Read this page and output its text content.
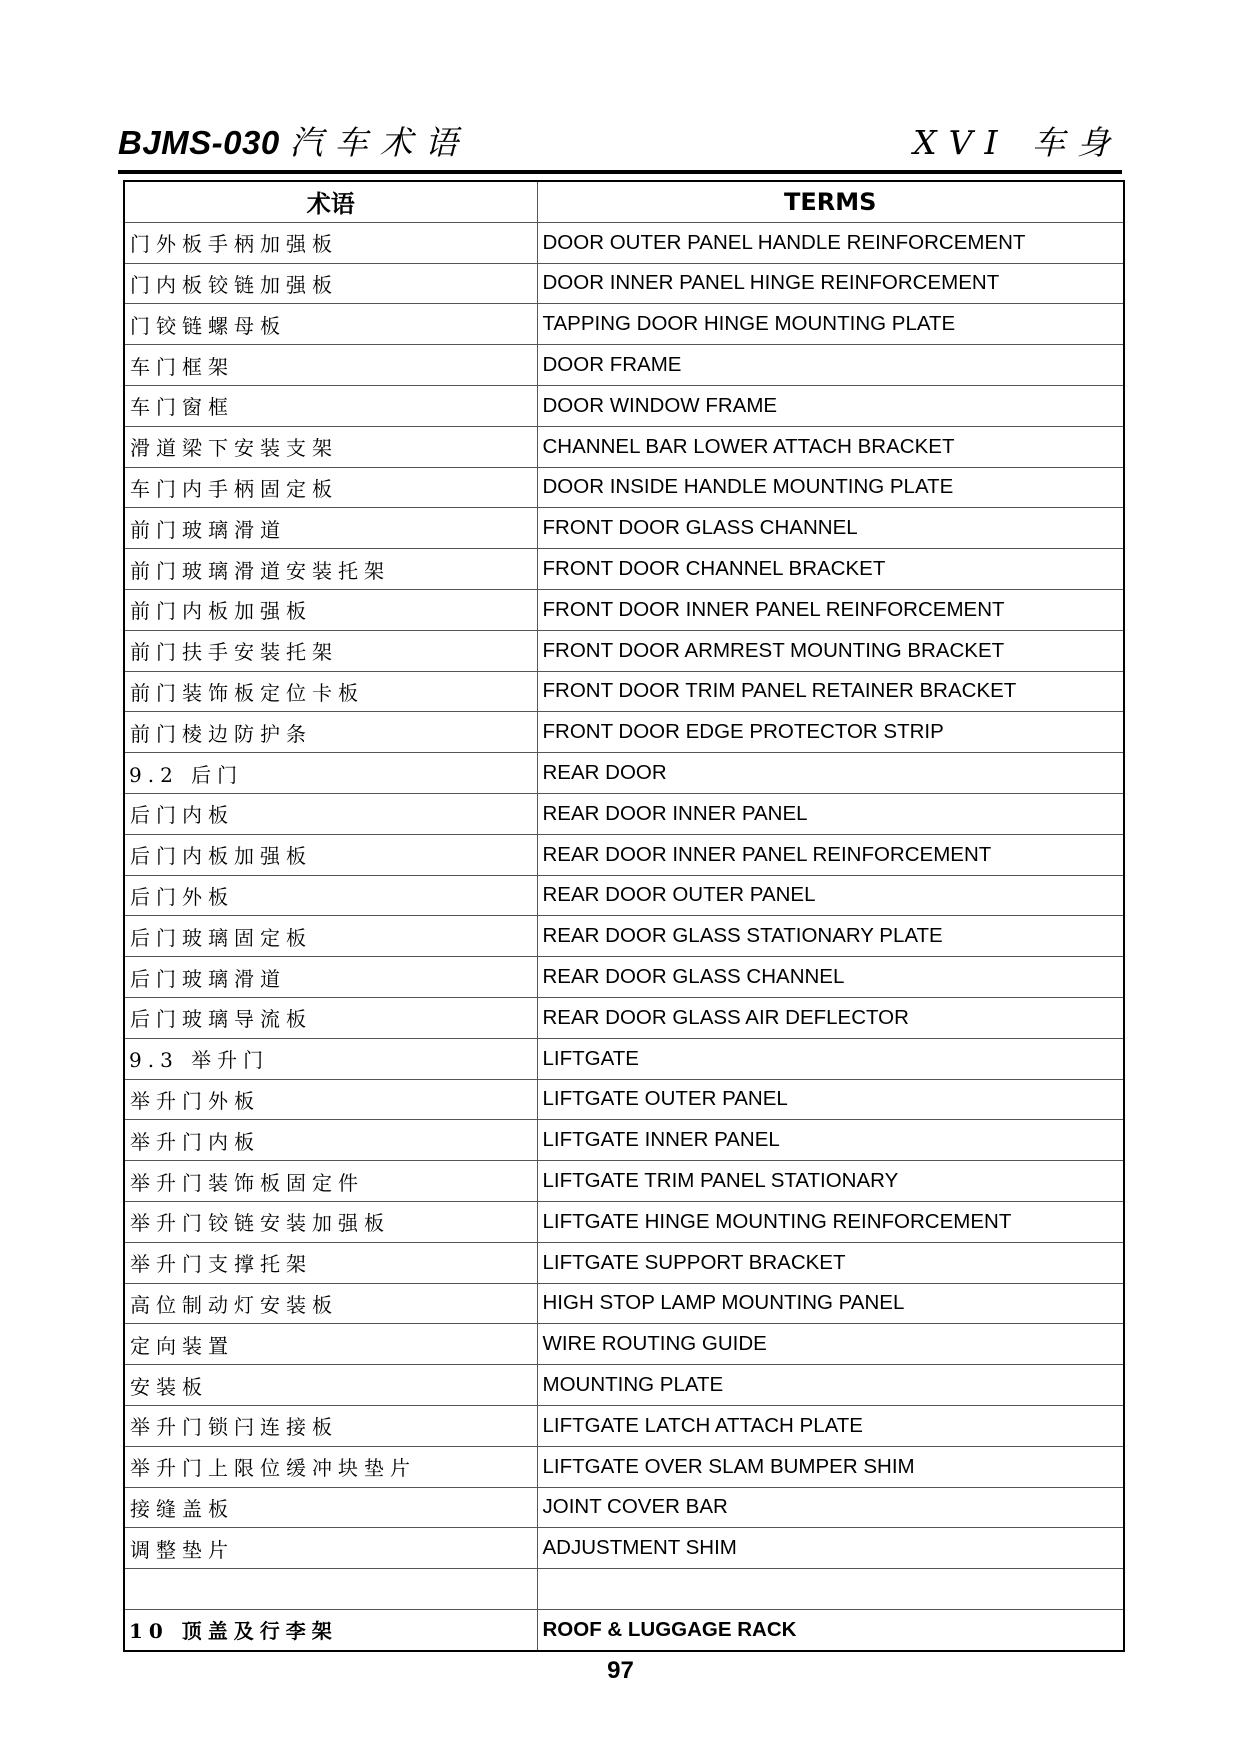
BJMS-030 汽车术语	XVI 车身
术语	TERMS
门外板手柄加强板	DOOR OUTER PANEL HANDLE REINFORCEMENT
门内板铰链加强板	DOOR INNER PANEL HINGE REINFORCEMENT
门铰链螺母板	TAPPING DOOR HINGE MOUNTING PLATE
车门框架	DOOR FRAME
车门窗框	DOOR WINDOW FRAME
滑道梁下安装支架	CHANNEL BAR LOWER ATTACH BRACKET
车门内手柄固定板	DOOR INSIDE HANDLE MOUNTING PLATE
前门玻璃滑道	FRONT DOOR GLASS CHANNEL
前门玻璃滑道安装托架	FRONT DOOR CHANNEL BRACKET
前门内板加强板	FRONT DOOR INNER PANEL REINFORCEMENT
前门扶手安装托架	FRONT DOOR ARMREST MOUNTING BRACKET
前门装饰板定位卡板	FRONT DOOR TRIM PANEL RETAINER BRACKET
前门棱边防护条	FRONT DOOR EDGE PROTECTOR STRIP
9.2 后门	REAR DOOR
后门内板	REAR DOOR INNER PANEL
后门内板加强板	REAR DOOR INNER PANEL REINFORCEMENT
后门外板	REAR DOOR OUTER PANEL
后门玻璃固定板	REAR DOOR GLASS STATIONARY PLATE
后门玻璃滑道	REAR DOOR GLASS CHANNEL
后门玻璃导流板	REAR DOOR GLASS AIR DEFLECTOR
9.3 举升门	LIFTGATE
举升门外板	LIFTGATE OUTER PANEL
举升门内板	LIFTGATE INNER PANEL
举升门装饰板固定件	LIFTGATE TRIM PANEL STATIONARY
举升门铰链安装加强板	LIFTGATE HINGE MOUNTING REINFORCEMENT
举升门支撑托架	LIFTGATE SUPPORT BRACKET
高位制动灯安装板	HIGH STOP LAMP MOUNTING PANEL
定向装置	WIRE ROUTING GUIDE
安装板	MOUNTING PLATE
举升门锁闩连接板	LIFTGATE LATCH ATTACH PLATE
举升门上限位缓冲块垫片	LIFTGATE OVER SLAM BUMPER SHIM
接缝盖板	JOINT COVER BAR
调整垫片	ADJUSTMENT SHIM

10 顶盖及行李架	ROOF & LUGGAGE RACK
97
